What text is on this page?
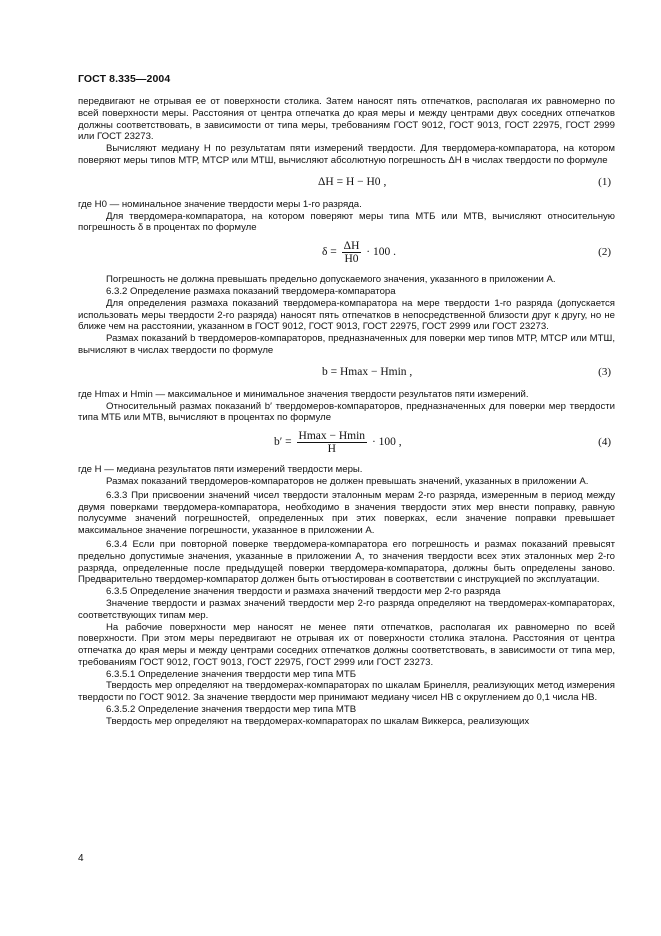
ГОСТ 8.335—2004

передвигают не отрывая ее от поверхности столика. Затем наносят пять отпечатков, располагая их равномерно по всей поверхности меры. Расстояния от центра отпечатка до края меры и между центрами двух соседних отпечатков должны соответствовать, в зависимости от типа меры, требованиям ГОСТ 9012, ГОСТ 9013, ГОСТ 22975, ГОСТ 2999 или ГОСТ 23273.

Вычисляют медиану H по результатам пяти измерений твердости. Для твердомера-компаратора, на котором поверяют меры типов МТР, МТСР или МТШ, вычисляют абсолютную погрешность ΔH в числах твердости по формуле

ΔH = H − H0 ,	(1)

где H0 — номинальное значение твердости меры 1-го разряда.

Для твердомера-компаратора, на котором поверяют меры типа МТБ или МТВ, вычисляют относительную погрешность δ в процентах по формуле

$\delta = \frac{\Delta H}{H0} \cdot 100$ .	(2)

Погрешность не должна превышать предельно допускаемого значения, указанного в приложении А.

6.3.2 Определение размаха показаний твердомера-компаратора

Для определения размаха показаний твердомера-компаратора на мере твердости 1-го разряда (допускается использовать меры твердости 2-го разряда) наносят пять отпечатков в непосредственной близости друг к другу, но не ближе чем на расстоянии, указанном в ГОСТ 9012, ГОСТ 9013, ГОСТ 22975, ГОСТ 2999 или ГОСТ 23273.

Размах показаний b твердомеров-компараторов, предназначенных для поверки мер типов МТР, МТСР или МТШ, вычисляют в числах твердости по формуле

b = Hmax − Hmin ,	(3)

где Hmax и Hmin — максимальное и минимальное значения твердости результатов пяти измерений.

Относительный размах показаний b′ твердомеров-компараторов, предназначенных для поверки мер твердости типа МТБ или МТВ, вычисляют в процентах по формуле

$b' = \frac{Hmax - Hmin}{H} \cdot 100$ ,	(4)

где H — медиана результатов пяти измерений твердости меры.

Размах показаний твердомеров-компараторов не должен превышать значений, указанных в приложении А.

6.3.3 При присвоении значений чисел твердости эталонным мерам 2-го разряда, измеренным в период между двумя поверками твердомера-компаратора, необходимо в значения твердости этих мер внести поправку, равную полусумме значений погрешностей, определенных при этих поверках, если значение поправки превышает максимальное значение погрешности, указанное в приложении А.

6.3.4 Если при повторной поверке твердомера-компаратора его погрешность и размах показаний превысят предельно допустимые значения, указанные в приложении А, то значения твердости всех этих эталонных мер 2-го разряда, определенные после предыдущей поверки твердомера-компаратора, должны быть определены заново. Предварительно твердомер-компаратор должен быть отъюстирован в соответствии с инструкцией по эксплуатации.

6.3.5 Определение значения твердости и размаха значений твердости мер 2-го разряда

Значение твердости и размах значений твердости мер 2-го разряда определяют на твердомерах-компараторах, соответствующих типам мер.

На рабочие поверхности мер наносят не менее пяти отпечатков, располагая их равномерно по всей поверхности. При этом меры передвигают не отрывая их от поверхности столика эталона. Расстояния от центра отпечатка до края меры и между центрами соседних отпечатков должны соответствовать, в зависимости от типа мер, требованиям ГОСТ 9012, ГОСТ 9013, ГОСТ 22975, ГОСТ 2999 или ГОСТ 23273.

6.3.5.1 Определение значения твердости мер типа МТБ

Твердость мер определяют на твердомерах-компараторах по шкалам Бринелля, реализующих метод измерения твердости по ГОСТ 9012. За значение твердости мер принимают медиану чисел НВ с округлением до 0,1 числа НВ.

6.3.5.2 Определение значения твердости мер типа МТВ

Твердость мер определяют на твердомерах-компараторах по шкалам Виккерса, реализующих

4
